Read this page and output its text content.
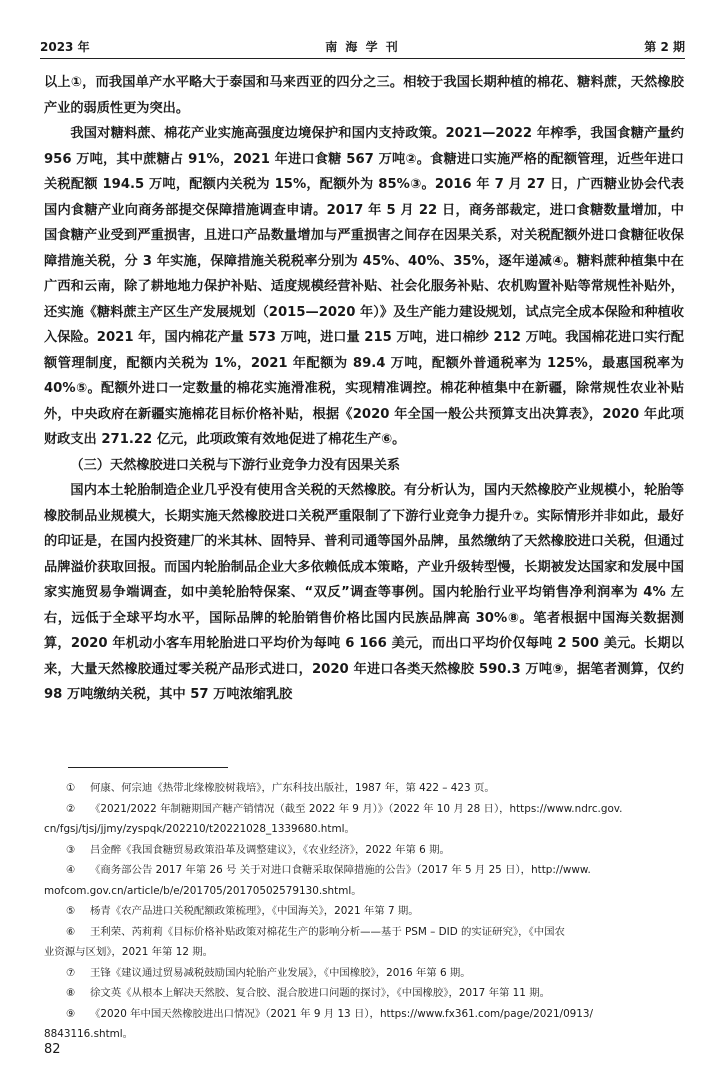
2023 年	南 海 学 刊	第 2 期

以上①，而我国单产水平略大于泰国和马来西亚的四分之三。相较于我国长期种植的棉花、糖料蔗，天然橡胶产业的弱质性更为突出。

我国对糖料蔗、棉花产业实施高强度边境保护和国内支持政策。2021—2022 年榨季，我国食糖产量约 956 万吨，其中蔗糖占 91%，2021 年进口食糖 567 万吨②。食糖进口实施严格的配额管理，近些年进口关税配额 194.5 万吨，配额内关税为 15%，配额外为 85%③。2016 年 7 月 27 日，广西糖业协会代表国内食糖产业向商务部提交保障措施调查申请。2017 年 5 月 22 日，商务部裁定，进口食糖数量增加，中国食糖产业受到严重损害，且进口产品数量增加与严重损害之间存在因果关系，对关税配额外进口食糖征收保障措施关税，分 3 年实施，保障措施关税税率分别为 45%、40%、35%，逐年递减④。糖料蔗种植集中在广西和云南，除了耕地地力保护补贴、适度规模经营补贴、社会化服务补贴、农机购置补贴等常规性补贴外，还实施《糖料蔗主产区生产发展规划（2015—2020 年）》及生产能力建设规划，试点完全成本保险和种植收入保险。2021 年，国内棉花产量 573 万吨，进口量 215 万吨，进口棉纱 212 万吨。我国棉花进口实行配额管理制度，配额内关税为 1%，2021 年配额为 89.4 万吨，配额外普通税率为 125%，最惠国税率为 40%⑤。配额外进口一定数量的棉花实施滑准税，实现精准调控。棉花种植集中在新疆，除常规性农业补贴外，中央政府在新疆实施棉花目标价格补贴，根据《2020 年全国一般公共预算支出决算表》，2020 年此项财政支出 271.22 亿元，此项政策有效地促进了棉花生产⑥。

（三）天然橡胶进口关税与下游行业竞争力没有因果关系

国内本土轮胎制造企业几乎没有使用含关税的天然橡胶。有分析认为，国内天然橡胶产业规模小，轮胎等橡胶制品业规模大，长期实施天然橡胶进口关税严重限制了下游行业竞争力提升⑦。实际情形并非如此，最好的印证是，在国内投资建厂的米其林、固特异、普利司通等国外品牌，虽然缴纳了天然橡胶进口关税，但通过品牌溢价获取回报。而国内轮胎制品企业大多依赖低成本策略，产业升级转型慢，长期被发达国家和发展中国家实施贸易争端调查，如中美轮胎特保案、“双反”调查等事例。国内轮胎行业平均销售净利润率为 4% 左右，远低于全球平均水平，国际品牌的轮胎销售价格比国内民族品牌高 30%⑧。笔者根据中国海关数据测算，2020 年机动小客车用轮胎进口平均价为每吨 6 166 美元，而出口平均价仅每吨 2 500 美元。长期以来，大量天然橡胶通过零关税产品形式进口，2020 年进口各类天然橡胶 590.3 万吨⑨，据笔者测算，仅约 98 万吨缴纳关税，其中 57 万吨浓缩乳胶

① 何康、何宗迪《热带北缘橡胶树栽培》，广东科技出版社，1987 年，第 422 – 423 页。

② 《2021/2022 年制糖期国产糖产销情况（截至 2022 年 9 月）》（2022 年 10 月 28 日），https://www.ndrc.gov.

cn/fgsj/tjsj/jjmy/zyspqk/202210/t20221028_1339680.html。

③ 吕金醉《我国食糖贸易政策沿革及调整建议》，《农业经济》，2022 年第 6 期。

④ 《商务部公告 2017 年第 26 号 关于对进口食糖采取保障措施的公告》（2017 年 5 月 25 日），http://www.

mofcom.gov.cn/article/b/e/201705/20170502579130.shtml。

⑤ 杨青《农产品进口关税配额政策梳理》，《中国海关》，2021 年第 7 期。

⑥ 王利荣、芮莉莉《目标价格补贴政策对棉花生产的影响分析——基于 PSM – DID 的实证研究》，《中国农

业资源与区划》，2021 年第 12 期。

⑦ 王锋《建议通过贸易减税鼓励国内轮胎产业发展》，《中国橡胶》，2016 年第 6 期。

⑧ 徐文英《从根本上解决天然胶、复合胶、混合胶进口问题的探讨》，《中国橡胶》，2017 年第 11 期。

⑨ 《2020 年中国天然橡胶进出口情况》（2021 年 9 月 13 日），https://www.fx361.com/page/2021/0913/

8843116.shtml。

82
